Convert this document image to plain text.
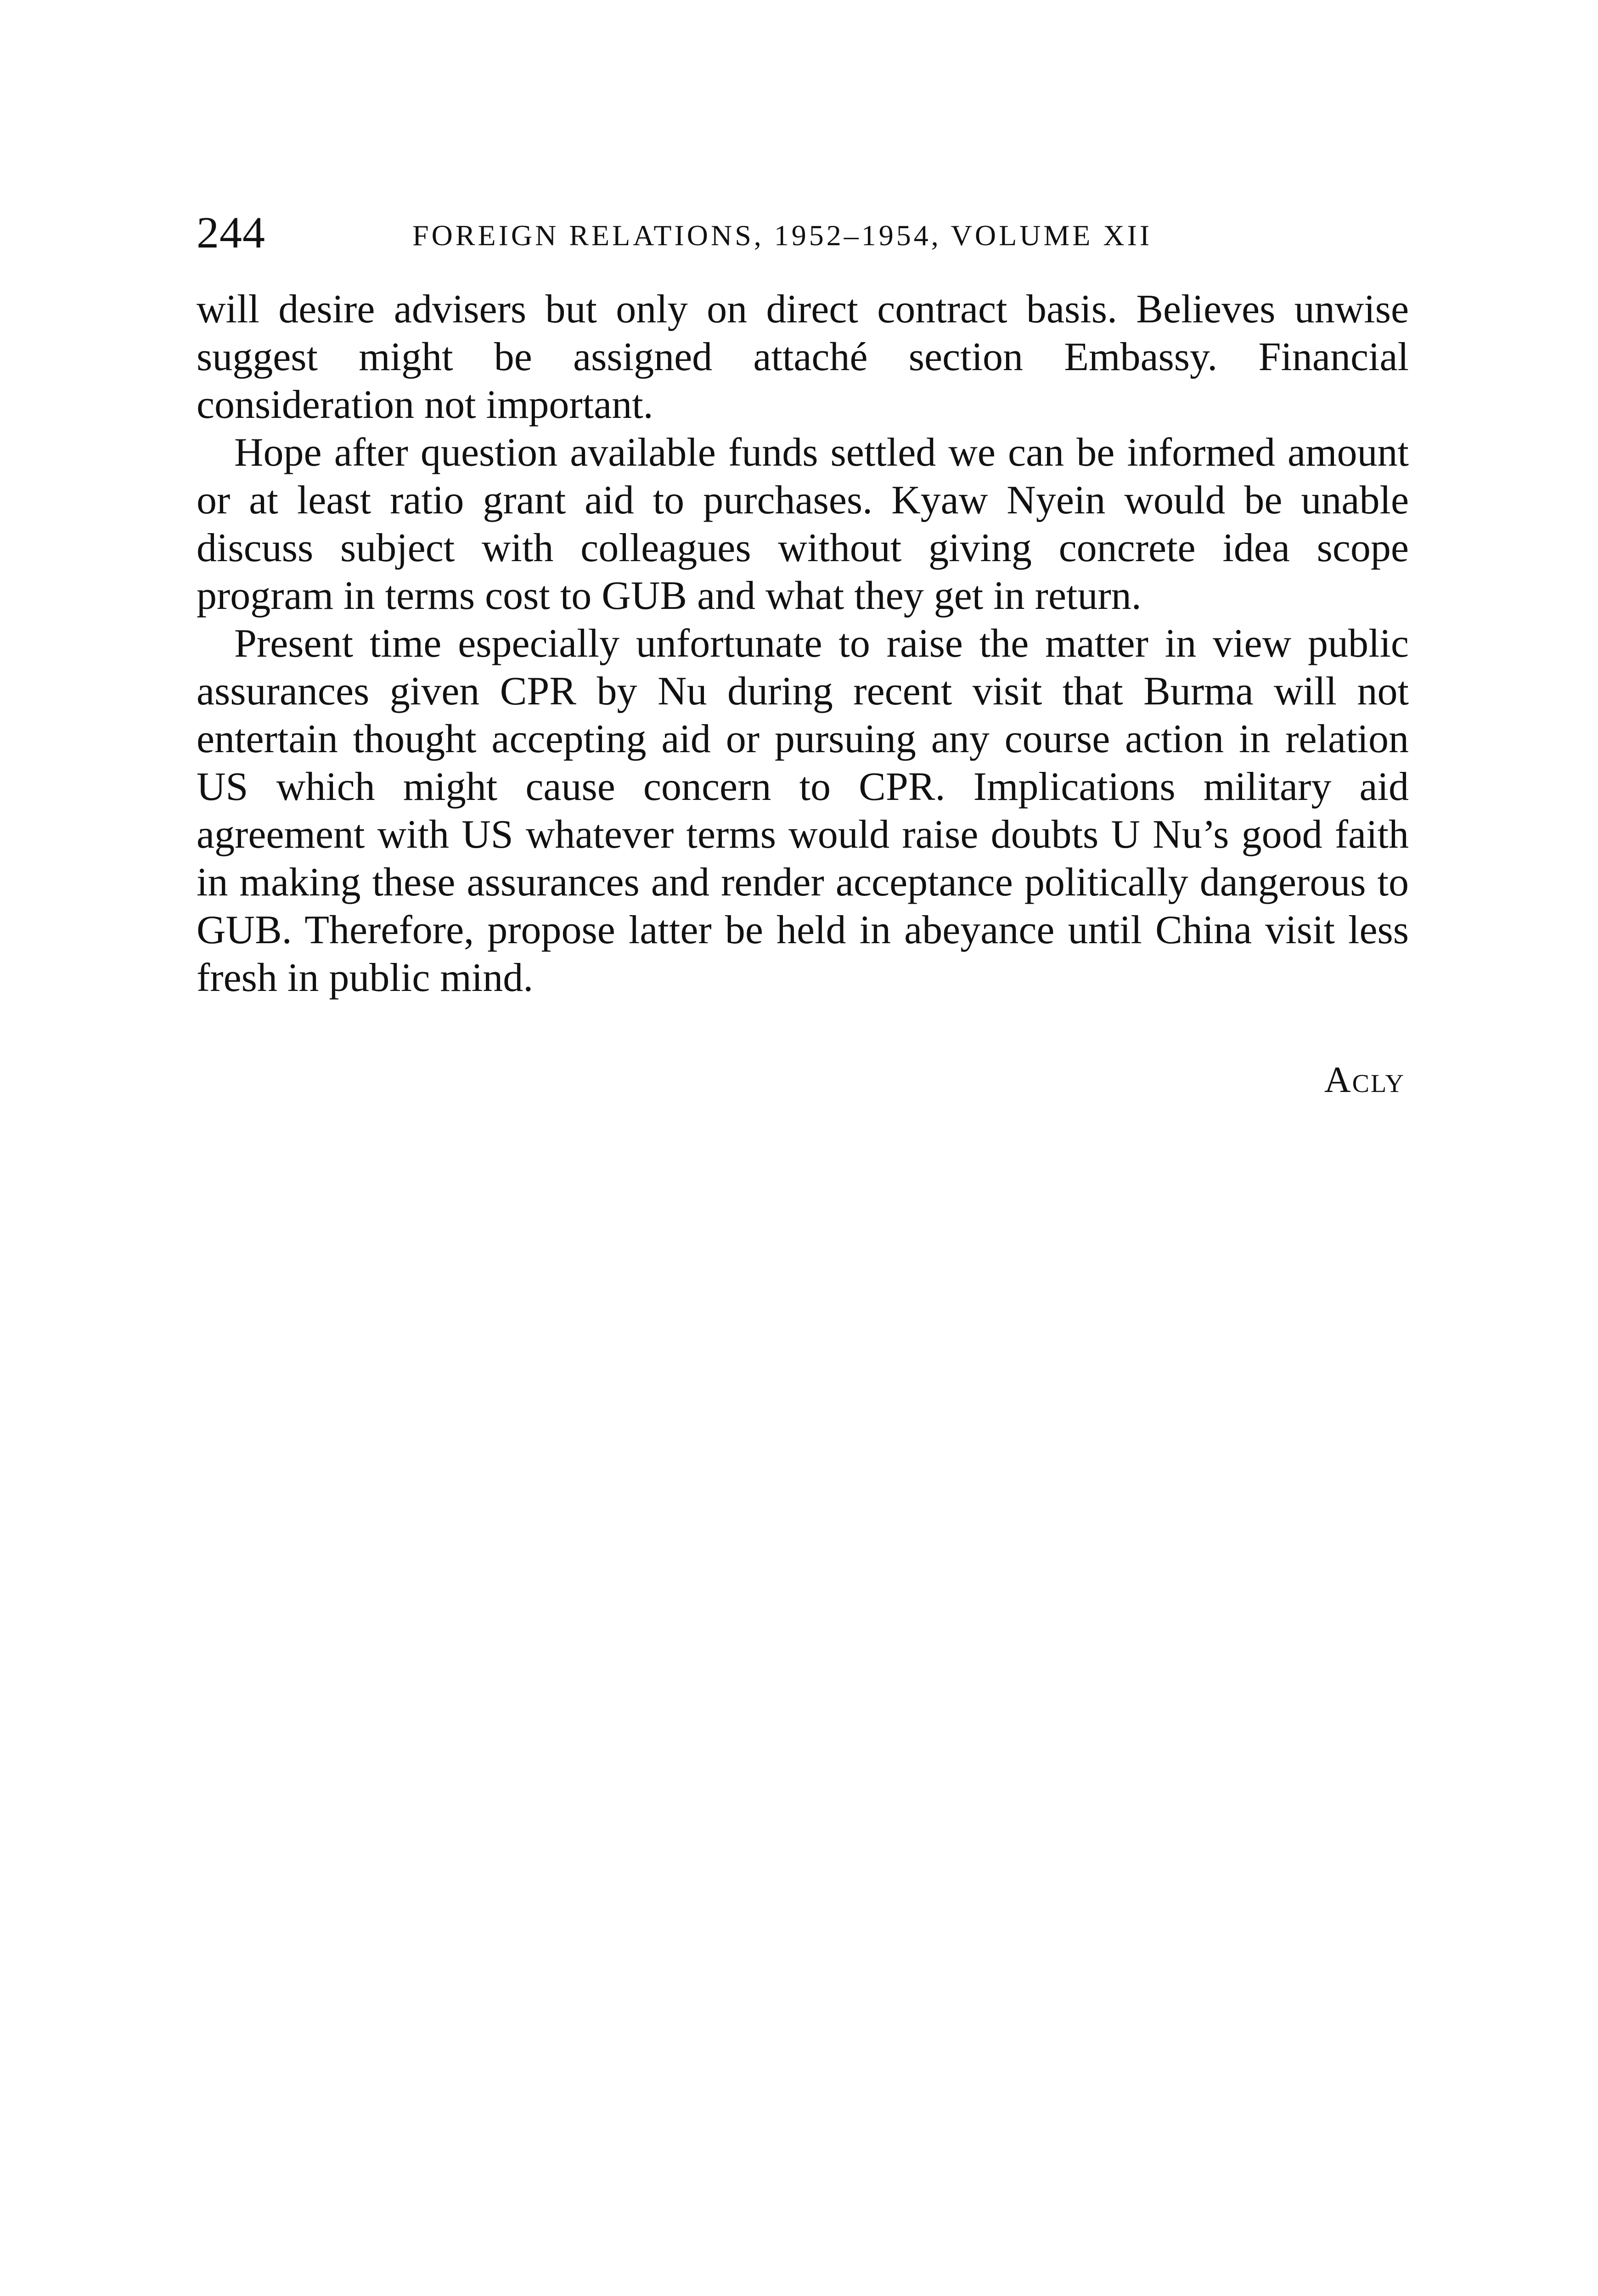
244	FOREIGN RELATIONS, 1952–1954, VOLUME XII

will desire advisers but only on direct contract basis. Believes unwise suggest might be assigned attaché section Embassy. Financial consideration not important.

Hope after question available funds settled we can be informed amount or at least ratio grant aid to purchases. Kyaw Nyein would be unable discuss subject with colleagues without giving concrete idea scope program in terms cost to GUB and what they get in return.

Present time especially unfortunate to raise the matter in view public assurances given CPR by Nu during recent visit that Burma will not entertain thought accepting aid or pursuing any course action in relation US which might cause concern to CPR. Implications military aid agreement with US whatever terms would raise doubts U Nu’s good faith in making these assurances and render acceptance politically dangerous to GUB. Therefore, propose latter be held in abeyance until China visit less fresh in public mind.

Acly
